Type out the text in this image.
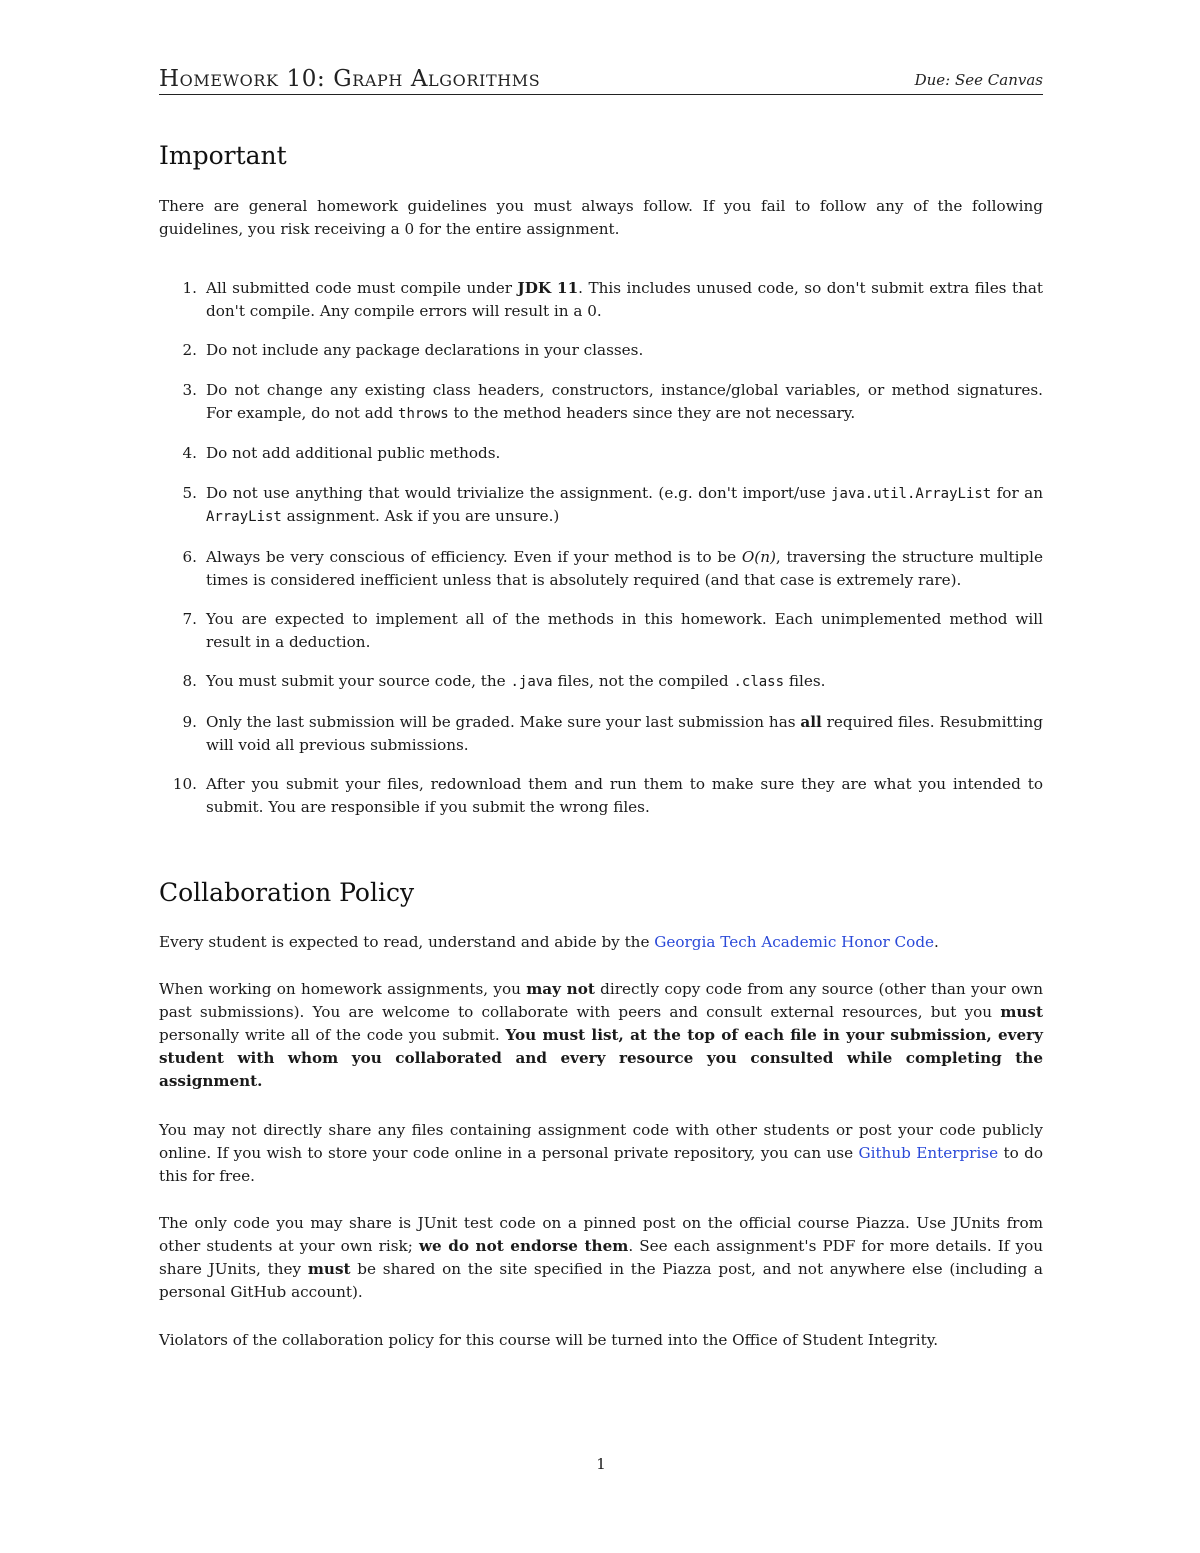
Homework 10: Graph Algorithms	Due: See Canvas
Important

There are general homework guidelines you must always follow. If you fail to follow any of the following guidelines, you risk receiving a 0 for the entire assignment.

1. All submitted code must compile under JDK 11. This includes unused code, so don't submit extra files that don't compile. Any compile errors will result in a 0.
2. Do not include any package declarations in your classes.
3. Do not change any existing class headers, constructors, instance/global variables, or method signatures. For example, do not add throws to the method headers since they are not necessary.
4. Do not add additional public methods.
5. Do not use anything that would trivialize the assignment. (e.g. don't import/use java.util.ArrayList for an ArrayList assignment. Ask if you are unsure.)
6. Always be very conscious of efficiency. Even if your method is to be O(n), traversing the structure multiple times is considered inefficient unless that is absolutely required (and that case is extremely rare).
7. You are expected to implement all of the methods in this homework. Each unimplemented method will result in a deduction.
8. You must submit your source code, the .java files, not the compiled .class files.
9. Only the last submission will be graded. Make sure your last submission has all required files. Resubmitting will void all previous submissions.
10. After you submit your files, redownload them and run them to make sure they are what you intended to submit. You are responsible if you submit the wrong files.
Collaboration Policy

Every student is expected to read, understand and abide by the Georgia Tech Academic Honor Code.

When working on homework assignments, you may not directly copy code from any source (other than your own past submissions). You are welcome to collaborate with peers and consult external resources, but you must personally write all of the code you submit. You must list, at the top of each file in your submission, every student with whom you collaborated and every resource you consulted while completing the assignment.

You may not directly share any files containing assignment code with other students or post your code publicly online. If you wish to store your code online in a personal private repository, you can use Github Enterprise to do this for free.

The only code you may share is JUnit test code on a pinned post on the official course Piazza. Use JUnits from other students at your own risk; we do not endorse them. See each assignment's PDF for more details. If you share JUnits, they must be shared on the site specified in the Piazza post, and not anywhere else (including a personal GitHub account).

Violators of the collaboration policy for this course will be turned into the Office of Student Integrity.

1
